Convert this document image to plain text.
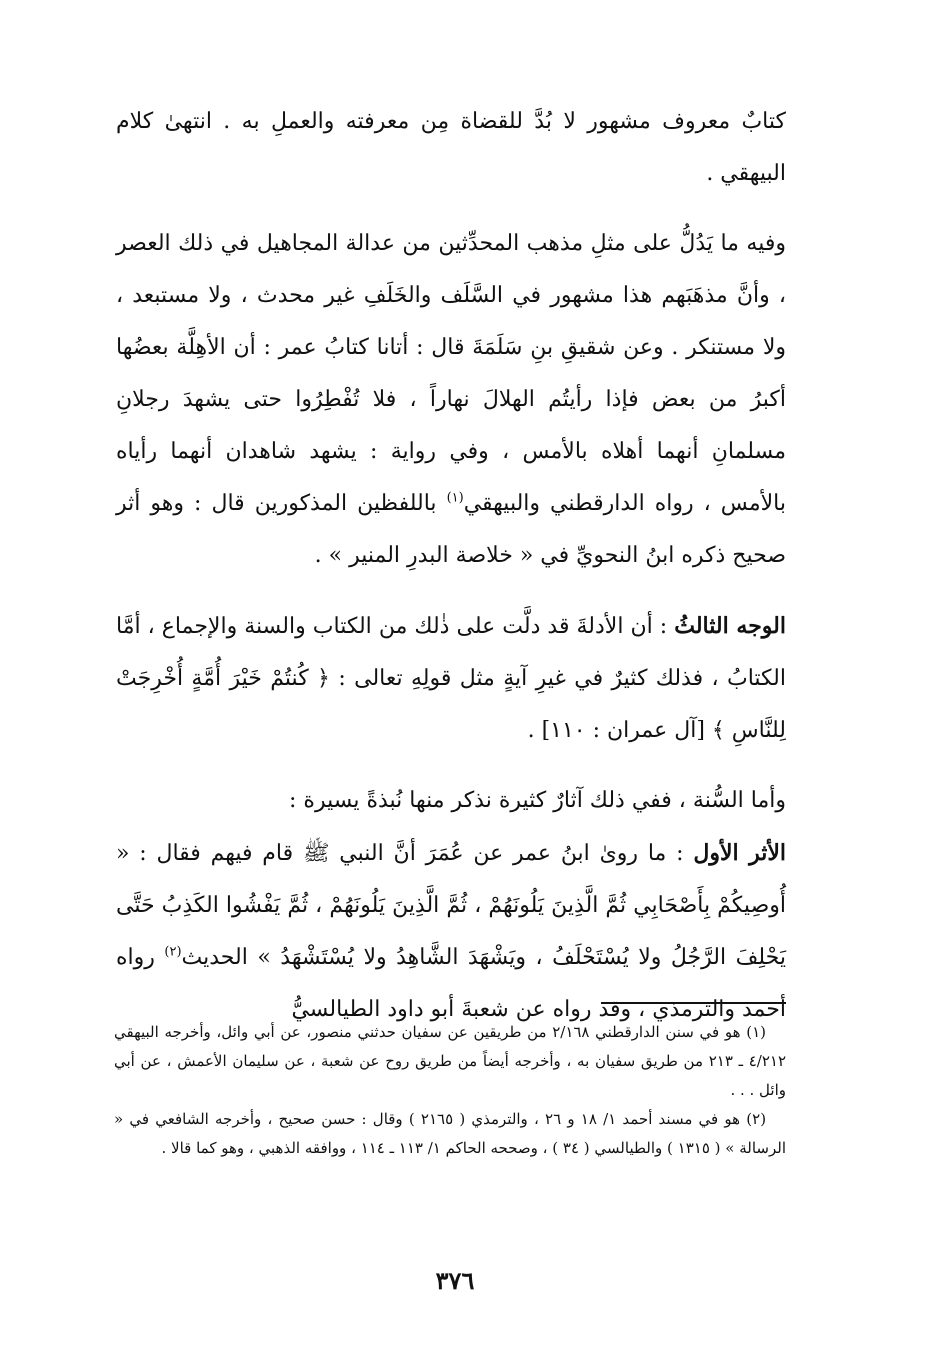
كتابٌ معروف مشهور لا بُدَّ للقضاة مِن معرفته والعملِ به . انتهىٰ كلام البيهقي .

وفيه ما يَدُلُّ على مثلِ مذهب المحدِّثين من عدالة المجاهيل في ذلك العصر ، وأنَّ مذهَبَهم هذا مشهور في السَّلَف والخَلَفِ غير محدث ، ولا مستبعد ، ولا مستنكر . وعن شقيقِ بنِ سَلَمَةَ قال : أتانا كتابُ عمر : أن الأهِلَّة بعضُها أكبرُ من بعض فإذا رأيتُم الهلالَ نهاراً ، فلا تُفْطِرُوا حتى يشهدَ رجلانِ مسلمانِ أنهما أهلاه بالأمس ، وفي رواية : يشهد شاهدان أنهما رأياه بالأمس ، رواه الدارقطني والبيهقي$^{(١)}$ باللفظين المذكورين قال : وهو أثر صحيح ذكره ابنُ النحويِّ في « خلاصة البدرِ المنير » .

الوجه الثالثُ : أن الأدلةَ قد دلَّت على ذٰلك من الكتاب والسنة والإجماع ، أمَّا الكتابُ ، فذلك كثيرٌ في غيرِ آيةٍ مثل قولِهِ تعالى : ﴿ كُنتُمْ خَيْرَ أُمَّةٍ أُخْرِجَتْ لِلنَّاسِ ﴾ [آل عمران : ١١٠] .

وأما السُّنة ، ففي ذلك آثارٌ كثيرة نذكر منها نُبذةً يسيرة :

الأثر الأول : ما روىٰ ابنُ عمر عن عُمَرَ أنَّ النبي ﷺ قام فيهم فقال : « أُوصِيكُمْ بِأَصْحَابِي ثُمَّ الَّذِينَ يَلُونَهُمْ ، ثُمَّ الَّذِينَ يَلُونَهُمْ ، ثُمَّ يَفْشُوا الكَذِبُ حَتَّى يَحْلِفَ الرَّجُلُ ولا يُسْتَحْلَفُ ، ويَشْهَدَ الشَّاهِدُ ولا يُسْتَشْهَدُ » الحديث$^{(٢)}$ رواه أحمد والترمذي ، وقد رواه عن شعبةَ أبو داود الطيالسيُّ

(١) هو في سنن الدارقطني ٢/١٦٨ من طريقين عن سفيان حدثني منصور، عن أبي وائل، وأخرجه البيهقي ٤/٢١٢ ـ ٢١٣ من طريق سفيان به ، وأخرجه أيضاً من طريق روح عن شعبة ، عن سليمان الأعمش ، عن أبي وائل . . .

(٢) هو في مسند أحمد ١/ ١٨ و ٢٦ ، والترمذي ( ٢١٦٥ ) وقال : حسن صحيح ، وأخرجه الشافعي في « الرسالة » ( ١٣١٥ ) والطيالسي ( ٣٤ ) ، وصححه الحاكم ١/ ١١٣ ـ ١١٤ ، ووافقه الذهبي ، وهو كما قالا .

٣٧٦
